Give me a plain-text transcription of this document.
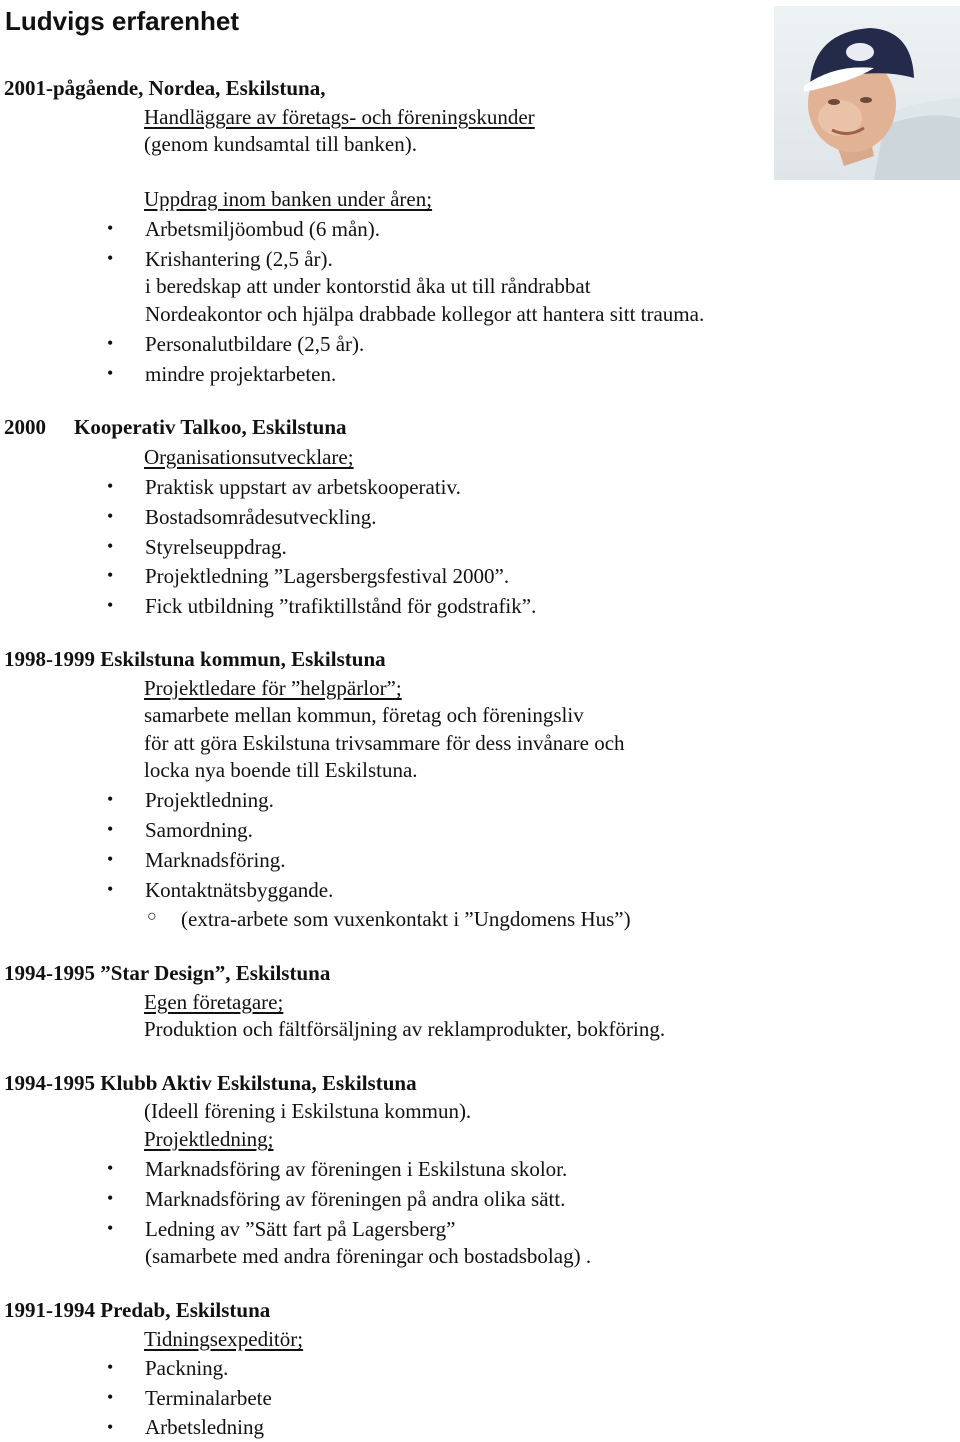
Ludvigs erfarenhet
2001-pågående, Nordea, Eskilstuna,
Handläggare av företags- och föreningskunder
(genom kundsamtal till banken).
Uppdrag inom banken under åren;
• Arbetsmiljöombud (6 mån).
• Krishantering (2,5 år).
i beredskap att under kontorstid åka ut till råndrabbat
Nordeakontor och hjälpa drabbade kollegor att hantera sitt trauma.
• Personalutbildare (2,5 år).
• mindre projektarbeten.
2000 Kooperativ Talkoo, Eskilstuna
Organisationsutvecklare;
• Praktisk uppstart av arbetskooperativ.
• Bostadsområdesutveckling.
• Styrelseuppdrag.
• Projektledning ”Lagersbergsfestival 2000”.
• Fick utbildning ”trafiktillstånd för godstrafik”.
1998-1999 Eskilstuna kommun, Eskilstuna
Projektledare för ”helgpärlor”;
samarbete mellan kommun, företag och föreningsliv
för att göra Eskilstuna trivsammare för dess invånare och
locka nya boende till Eskilstuna.
• Projektledning.
• Samordning.
• Marknadsföring.
• Kontaktnätsbyggande.
○ (extra-arbete som vuxenkontakt i ”Ungdomens Hus”)
1994-1995 ”Star Design”, Eskilstuna
Egen företagare;
Produktion och fältförsäljning av reklamprodukter, bokföring.
1994-1995 Klubb Aktiv Eskilstuna, Eskilstuna
(Ideell förening i Eskilstuna kommun).
Projektledning;
• Marknadsföring av föreningen i Eskilstuna skolor.
• Marknadsföring av föreningen på andra olika sätt.
• Ledning av ”Sätt fart på Lagersberg”
(samarbete med andra föreningar och bostadsbolag) .
1991-1994 Predab, Eskilstuna
Tidningsexpeditör;
• Packning.
• Terminalarbete
• Arbetsledning
